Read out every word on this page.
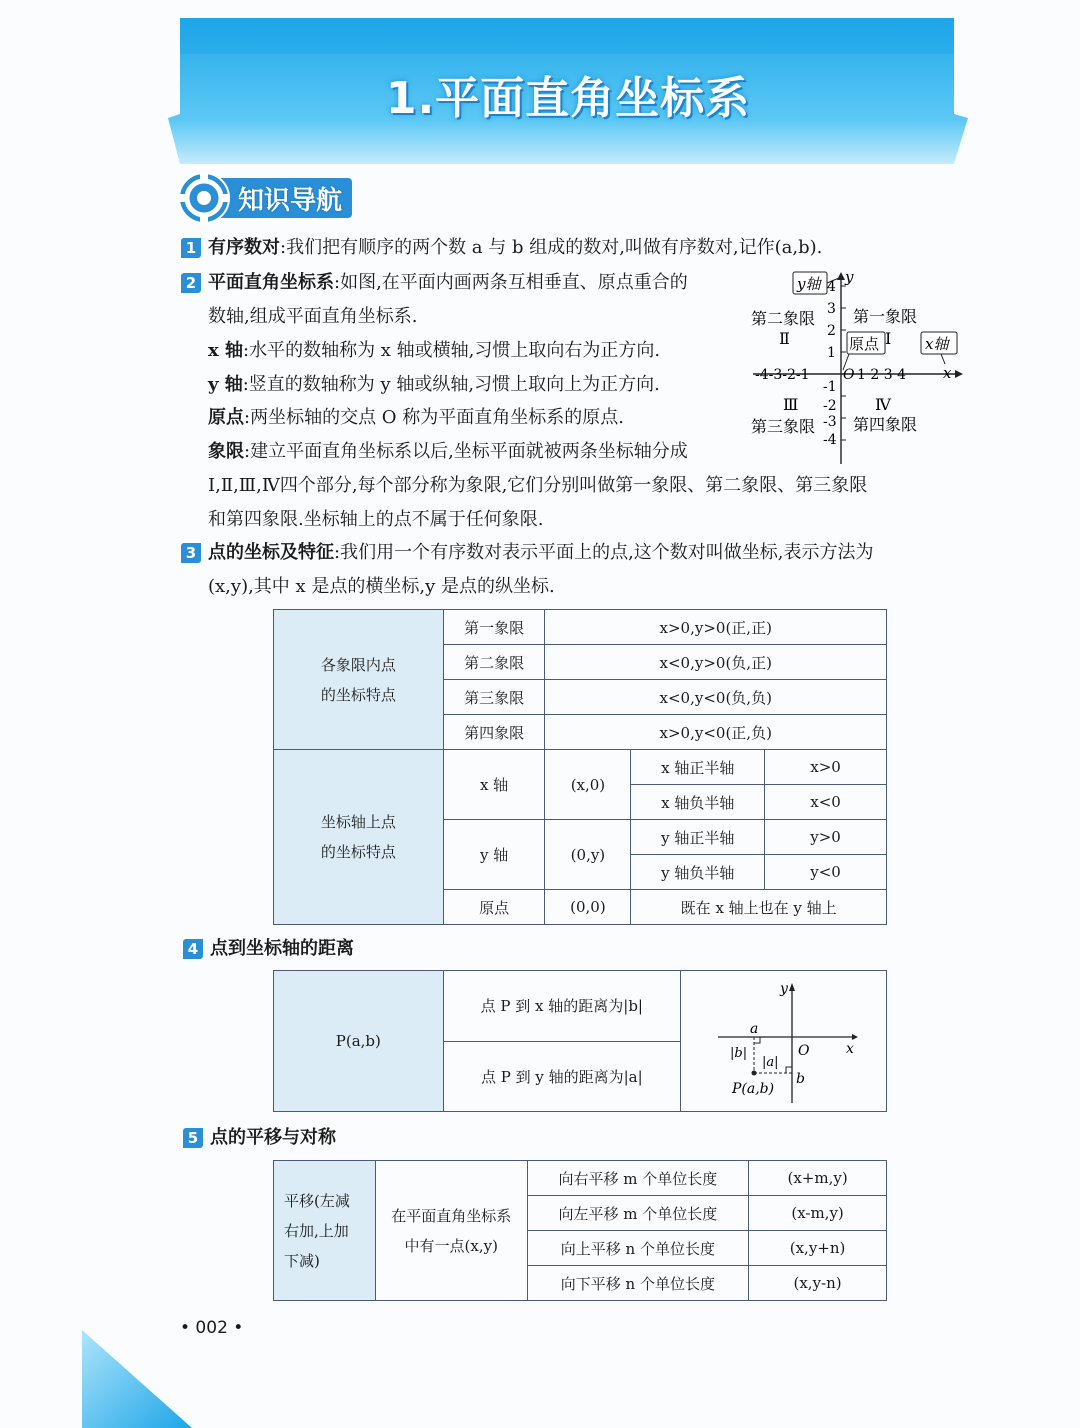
1.平面直角坐标系
知识导航
1 有序数对:我们把有顺序的两个数 a 与 b 组成的数对,叫做有序数对,记作(a,b).
2 平面直角坐标系:如图,在平面内画两条互相垂直、原点重合的
数轴,组成平面直角坐标系.
x 轴:水平的数轴称为 x 轴或横轴,习惯上取向右为正方向.
y 轴:竖直的数轴称为 y 轴或纵轴,习惯上取向上为正方向.
原点:两坐标轴的交点 O 称为平面直角坐标系的原点.
象限:建立平面直角坐标系以后,坐标平面就被两条坐标轴分成
Ⅰ,Ⅱ,Ⅲ,Ⅳ四个部分,每个部分称为象限,它们分别叫做第一象限、第二象限、第三象限
和第四象限.坐标轴上的点不属于任何象限.
y轴 y
4
3
2
1
-1
-2
-3
-4
-4-3-2-1 O 1 2 3 4 x
第二象限 第一象限
Ⅱ	Ⅰ
Ⅲ	Ⅳ
第三象限 第四象限
原点	x轴
3 点的坐标及特征:我们用一个有序数对表示平面上的点,这个数对叫做坐标,表示方法为
(x,y),其中 x 是点的横坐标,y 是点的纵坐标.
各象限内点
的坐标特点	第一象限	x>0,y>0(正,正)		
	第二象限	x<0,y>0(负,正)		
	第三象限	x<0,y<0(负,负)		
	第四象限	x>0,y<0(正,负)		
坐标轴上点
的坐标特点	x 轴	(x,0)	x 轴正半轴	x>0
			x 轴负半轴	x<0
	y 轴	(0,y)	y 轴正半轴	y>0
			y 轴负半轴	y<0
	原点	(0,0)	既在 x 轴上也在 y 轴上	
4 点到坐标轴的距离
P(a,b)	点 P 到 x 轴的距离为|b|	
y
x
O
a
b
|b|
|a|
P(a,b)

点 P 到 y 轴的距离为|a|
5 点的平移与对称
平移(左减
右加,上加
下减)	在平面直角坐标系
中有一点(x,y)	向右平移 m 个单位长度	(x+m,y)
		向左平移 m 个单位长度	(x-m,y)
		向上平移 n 个单位长度	(x,y+n)
		向下平移 n 个单位长度	(x,y-n)
• 002 •
